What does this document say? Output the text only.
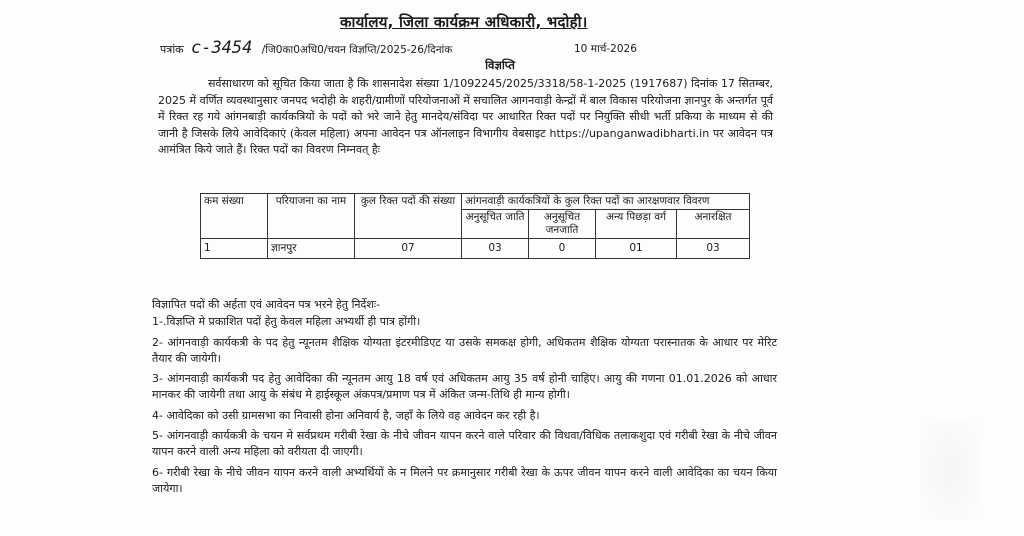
कार्यालय, जिला कार्यक्रम अधिकारी, भदोही।
पत्रांक c-3454 /जि0का0अधि0/चयन विज्ञप्ति/2025-26/दिनांक	10 मार्च-2026
विज्ञप्ति
सर्वसाधारण को सूचित किया जाता है कि शासनादेश संख्या 1/1092245/2025/3318/58-1-2025 (1917687) दिनांक 17 सितम्बर, 2025 में वर्णित व्यवस्थानुसार जनपद भदोही के शहरी/ग्रामीणों परियोजनाओं में सचालित आगनवाड़ी केन्द्रों में बाल विकास परियोजना ज्ञानपुर के अन्तर्गत पूर्व में रिक्त रह गये आंगनबाड़ी कार्यकत्रियों के पदों को भरे जाने हेतु मानदेय/संविदा पर आधारित रिक्त पदों पर नियुक्ति सीधी भर्ती प्रकिया के माध्यम से की जानी है जिसके लिये आवेदिकाएं (केवल महिला) अपना आवेदन पत्र ऑनलाइन विभागीय वेबसाइट https://upanganwadibharti.in पर आवेदन पत्र आमंत्रित किये जाते हैं। रिक्त पदों का विवरण निम्नवत् हैः
कम संख्या	परियाजना का नाम	कुल रिक्त पदों की संख्या	आंगनवाड़ी कार्यकत्रियों के कुल रिक्त पदों का आरक्षणवार विवरण			
			अनुसूचित जाति	अनुसूचित जनजाति	अन्य पिछड़ा वर्ग	अनारक्षित
1	ज्ञानपुर	07	03	0	01	03

विज्ञापित पदों की अर्हता एवं आवेदन पत्र भरने हेतु निर्देशः-

1-.विज्ञप्ति मे प्रकाशित पदों हेतु केवल महिला अभ्यर्थी ही पात्र होंगी।

2- आंगनवाड़ी कार्यकत्री के पद हेतु न्यूनतम शैक्षिक योग्यता इंटरमीडिएट या उसके समकक्ष होगी, अधिकतम शैक्षिक योग्यता परास्नातक के आधार पर मेरिट तैयार की जायेगी।

3- आंगनवाड़ी कार्यकत्री पद हेतु आवेदिका की न्यूनतम आयु 18 वर्ष एवं अधिकतम आयु 35 वर्ष होनी चाहिए। आयु की गणना 01.01.2026 को आधार मानकर की जायेगी तथा आयु के संबंध मे हाईस्कूल अंकपत्र/प्रमाण पत्र में अंकित जन्म-तिथि ही मान्य होगी।

4- आवेदिका को उसी ग्रामसभा का निवासी होना अनिवार्य है, जहाँ के लिये वह आवेदन कर रही है।

5- आंगनवाड़ी कार्यकत्री के चयन मे सर्वप्रथम गरीबी रेखा के नीचे जीवन यापन करने वाले परिवार की विधवा/विधिक तलाकशुदा एवं गरीबी रेखा के नीचे जीवन यापन करने वाली अन्य महिला को वरीयता दी जाएगी।

6- गरीबी रेखा के नीचे जीवन यापन करने वाली अभ्यर्थियों के न मिलने पर क्रमानुसार गरीबी रेखा के ऊपर जीवन यापन करने वाली आवेदिका का चयन किया जायेगा।
